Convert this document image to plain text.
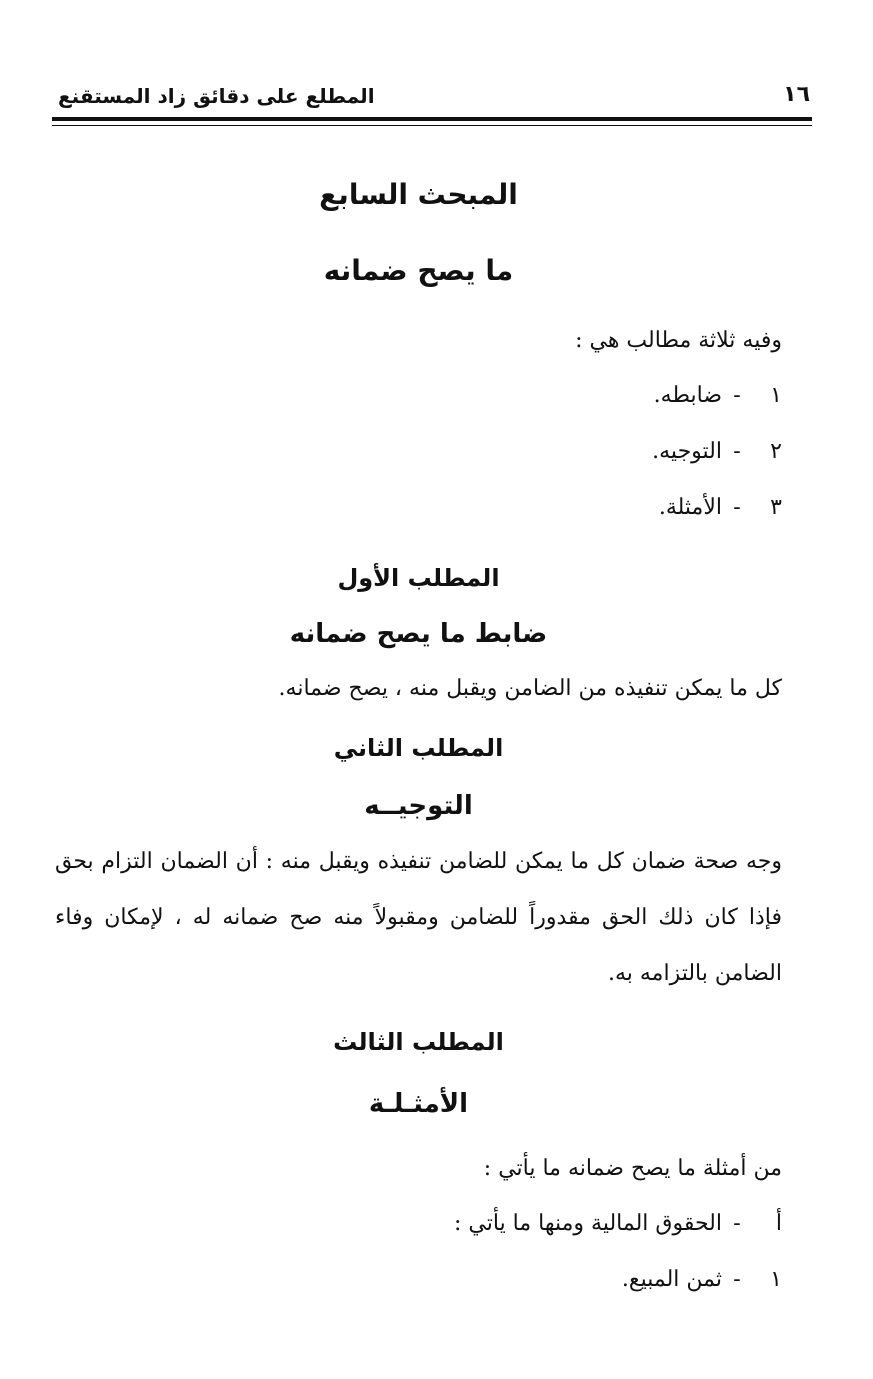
١٦
المطلع على دقائق زاد المستقنع
المبحث السابع
ما يصح ضمانه

وفيه ثلاثة مطالب هي :

١-ضابطه.
٢-التوجيه.
٣-الأمثلة.
المطلب الأول
ضابط ما يصح ضمانه

كل ما يمكن تنفيذه من الضامن ويقبل منه ، يصح ضمانه.

المطلب الثاني
التوجيــه

وجه صحة ضمان كل ما يمكن للضامن تنفيذه ويقبل منه : أن الضمان التزام بحق فإذا كان ذلك الحق مقدوراً للضامن ومقبولاً منه صح ضمانه له ، لإمكان وفاء الضامن بالتزامه به.

المطلب الثالث
الأمثـلـة

من أمثلة ما يصح ضمانه ما يأتي :

أ-الحقوق المالية ومنها ما يأتي :
١-ثمن المبيع.
